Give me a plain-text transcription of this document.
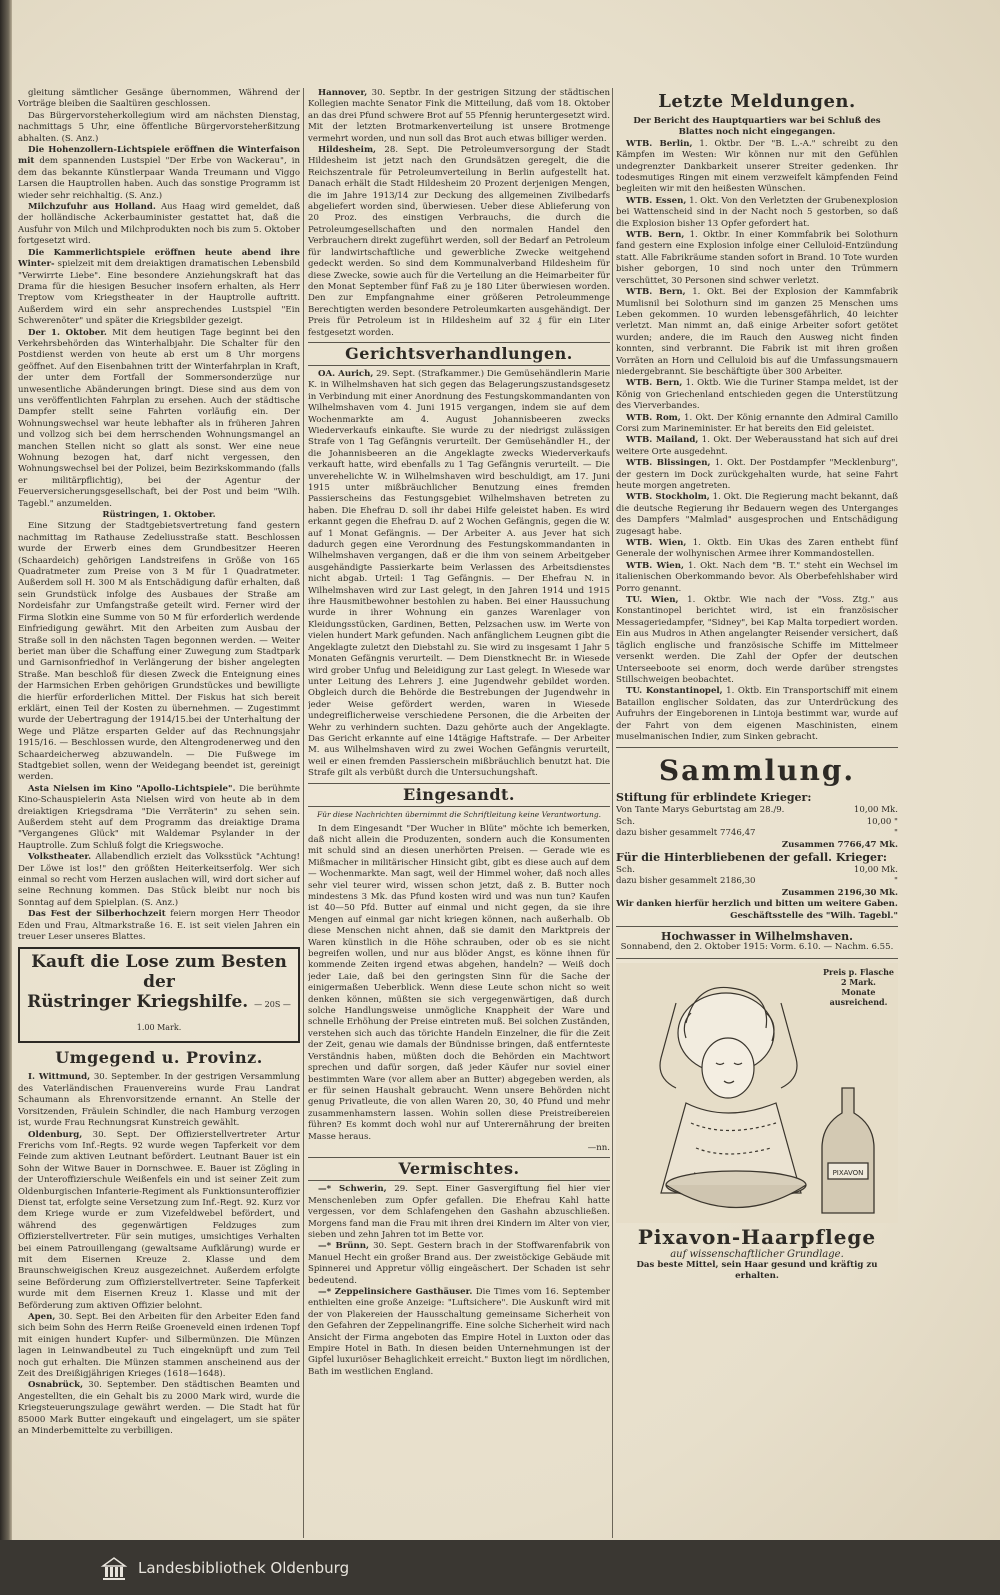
gleitung sämtlicher Gesänge übernommen, Während der Vorträge bleiben die Saaltüren geschlossen.

Das Bürgervorsteherkollegium wird am nächsten Dienstag, nachmittags 5 Uhr, eine öffentliche Bürgervorsteherßitzung abhalten. (S. Anz.)

Die Hohenzollern-Lichtspiele eröffnen die Winterfaison mit dem spannenden Lustspiel "Der Erbe von Wackerau", in dem das bekannte Künstlerpaar Wanda Treumann und Viggo Larsen die Hauptrollen haben. Auch das sonstige Programm ist wieder sehr reichhaltig. (S. Anz.)

Milchzufuhr aus Holland. Aus Haag wird gemeldet, daß der holländische Ackerbauminister gestattet hat, daß die Ausfuhr von Milch und Milchprodukten noch bis zum 5. Oktober fortgesetzt wird.

Die Kammerlichtspiele eröffnen heute abend ihre Winter- spielzeit mit dem dreiaktigen dramatischen Lebensbild "Verwirrte Liebe". Eine besondere Anziehungskraft hat das Drama für die hiesigen Besucher insofern erhalten, als Herr Treptow vom Kriegstheater in der Hauptrolle auftritt. Außerdem wird ein sehr ansprechendes Lustspiel "Ein Schwerenöter" und später die Kriegsbilder gezeigt.

Der 1. Oktober. Mit dem heutigen Tage beginnt bei den Verkehrsbehörden das Winterhalbjahr. Die Schalter für den Postdienst werden von heute ab erst um 8 Uhr morgens geöffnet. Auf den Eisenbahnen tritt der Winterfahrplan in Kraft, der unter dem Fortfall der Sommersonderzüge nur unwesentliche Abänderungen bringt. Diese sind aus dem von uns veröffentlichten Fahrplan zu ersehen. Auch der städtische Dampfer stellt seine Fahrten vorläufig ein. Der Wohnungswechsel war heute lebhafter als in früheren Jahren und vollzog sich bei dem herrschenden Wohnungsmangel an manchen Stellen nicht so glatt als sonst. Wer eine neue Wohnung bezogen hat, darf nicht vergessen, den Wohnungswechsel bei der Polizei, beim Bezirkskommando (falls er militärpflichtig), bei der Agentur der Feuerversicherungsgesellschaft, bei der Post und beim "Wilh. Tagebl." anzumelden.

Rüstringen, 1. Oktober.

Eine Sitzung der Stadtgebietsvertretung fand gestern nachmittag im Rathause Zedeliusstraße statt. Beschlossen wurde der Erwerb eines dem Grundbesitzer Heeren (Schaardeich) gehörigen Landstreifens in Größe von 165 Quadratmeter zum Preise von 3 M für 1 Quadratmeter. Außerdem soll H. 300 M als Entschädigung dafür erhalten, daß sein Grundstück infolge des Ausbaues der Straße am Nordeisfahr zur Umfangstraße geteilt wird. Ferner wird der Firma Slotkin eine Summe von 50 M für erforderlich werdende Einfriedigung gewährt. Mit den Arbeiten zum Ausbau der Straße soll in den nächsten Tagen begonnen werden. — Weiter beriet man über die Schaffung einer Zuwegung zum Stadtpark und Garnisonfriedhof in Verlängerung der bisher angelegten Straße. Man beschloß für diesen Zweck die Enteignung eines der Harmsichen Erben gehörigen Grundstückes und bewilligte die hierfür erforderlichen Mittel. Der Fiskus hat sich bereit erklärt, einen Teil der Kosten zu übernehmen. — Zugestimmt wurde der Uebertragung der 1914/15.bei der Unterhaltung der Wege und Plätze ersparten Gelder auf das Rechnungsjahr 1915/16. — Beschlossen wurde, den Altengrodenerweg und den Schaardeicherweg abzuwandeln. — Die Fußwege im Stadtgebiet sollen, wenn der Weidegang beendet ist, gereinigt werden.

Asta Nielsen im Kino "Apollo-Lichtspiele". Die berühmte Kino-Schauspielerin Asta Nielsen wird von heute ab in dem dreiaktigen Kriegsdrama "Die Verräterin" zu sehen sein. Außerdem steht auf dem Programm das dreiaktige Drama "Vergangenes Glück" mit Waldemar Psylander in der Hauptrolle. Zum Schluß folgt die Kriegswoche.

Volkstheater. Allabendlich erzielt das Volksstück "Achtung! Der Löwe ist los!" den größten Heiterkeitserfolg. Wer sich einmal so recht vom Herzen auslachen will, wird dort sicher auf seine Rechnung kommen. Das Stück bleibt nur noch bis Sonntag auf dem Spielplan. (S. Anz.)

Das Fest der Silberhochzeit feiern morgen Herr Theodor Eden und Frau, Altmarkstraße 16. E. ist seit vielen Jahren ein treuer Leser unseres Blattes.

Kauft die Lose zum Besten der
Rüstringer Kriegshilfe. — 20S — 1.00 Mark.
Umgegend u. Provinz.

I. Wittmund, 30. September. In der gestrigen Versammlung des Vaterländischen Frauenvereins wurde Frau Landrat Schaumann als Ehrenvorsitzende ernannt. An Stelle der Vorsitzenden, Fräulein Schindler, die nach Hamburg verzogen ist, wurde Frau Rechnungsrat Kunstreich gewählt.

Oldenburg, 30. Sept. Der Offizierstellvertreter Artur Frerichs vom Inf.-Regts. 92 wurde wegen Tapferkeit vor dem Feinde zum aktiven Leutnant befördert. Leutnant Bauer ist ein Sohn der Witwe Bauer in Dornschwee. E. Bauer ist Zögling in der Unteroffizierschule Weißenfels ein und ist seiner Zeit zum Oldenburgischen Infanterie-Regiment als Funktionsunteroffizier Dienst tat, erfolgte seine Versetzung zum Inf.-Regt. 92. Kurz vor dem Kriege wurde er zum Vizefeldwebel befördert, und während des gegenwärtigen Feldzuges zum Offizierstellvertreter. Für sein mutiges, umsichtiges Verhalten bei einem Patrouillengang (gewaltsame Aufklärung) wurde er mit dem Eisernen Kreuze 2. Klasse und dem Braunschweigischen Kreuz ausgezeichnet. Außerdem erfolgte seine Beförderung zum Offizierstellvertreter. Seine Tapferkeit wurde mit dem Eisernen Kreuz 1. Klasse und mit der Beförderung zum aktiven Offizier belohnt.

Apen, 30. Sept. Bei den Arbeiten für den Arbeiter Eden fand sich beim Sohn des Herrn Reiße Groeneveld einen irdenen Topf mit einigen hundert Kupfer- und Silbermünzen. Die Münzen lagen in Leinwandbeutel zu Tuch eingeknüpft und zum Teil noch gut erhalten. Die Münzen stammen anscheinend aus der Zeit des Dreißigjährigen Krieges (1618—1648).

Osnabrück, 30. September. Den städtischen Beamten und Angestellten, die ein Gehalt bis zu 2000 Mark wird, wurde die Kriegsteuerungszulage gewährt werden. — Die Stadt hat für 85000 Mark Butter eingekauft und eingelagert, um sie später an Minderbemittelte zu verbilligen.

Hannover, 30. Septbr. In der gestrigen Sitzung der städtischen Kollegien machte Senator Fink die Mitteilung, daß vom 18. Oktober an das drei Pfund schwere Brot auf 55 Pfennig heruntergesetzt wird. Mit der letzten Brotmarkenverteilung ist unsere Brotmenge vermehrt worden, und nun soll das Brot auch etwas billiger werden.

Hildesheim, 28. Sept. Die Petroleumversorgung der Stadt Hildesheim ist jetzt nach den Grundsätzen geregelt, die die Reichszentrale für Petroleumverteilung in Berlin aufgestellt hat. Danach erhält die Stadt Hildesheim 20 Prozent derjenigen Mengen, die im Jahre 1913/14 zur Deckung des allgemeinen Zivilbedarfs abgeliefert worden sind, überwiesen. Ueber diese Ablieferung von 20 Proz. des einstigen Verbrauchs, die durch die Petroleumgesellschaften und den normalen Handel den Verbrauchern direkt zugeführt werden, soll der Bedarf an Petroleum für landwirtschaftliche und gewerbliche Zwecke weitgehend gedeckt werden. So sind dem Kommunalverband Hildesheim für diese Zwecke, sowie auch für die Verteilung an die Heimarbeiter für den Monat September fünf Faß zu je 180 Liter überwiesen worden. Den zur Empfangnahme einer größeren Petroleummenge Berechtigten werden besondere Petroleumkarten ausgehändigt. Der Preis für Petroleum ist in Hildesheim auf 32 ₰ für ein Liter festgesetzt worden.

Gerichtsverhandlungen.

OA. Aurich, 29. Sept. (Strafkammer.) Die Gemüsehändlerin Marie K. in Wilhelmshaven hat sich gegen das Belagerungszustandsgesetz in Verbindung mit einer Anordnung des Festungskommandanten von Wilhelmshaven vom 4. Juni 1915 vergangen, indem sie auf dem Wochenmarkte am 4. August Johannisbeeren zwecks Wiederverkaufs einkaufte. Sie wurde zu der niedrigst zulässigen Strafe von 1 Tag Gefängnis verurteilt. Der Gemüsehändler H., der die Johannisbeeren an die Angeklagte zwecks Wiederverkaufs verkauft hatte, wird ebenfalls zu 1 Tag Gefängnis verurteilt. — Die unverehelichte W. in Wilhelmshaven wird beschuldigt, am 17. Juni 1915 unter mißbräuchlicher Benutzung eines fremden Passierscheins das Festungsgebiet Wilhelmshaven betreten zu haben. Die Ehefrau D. soll ihr dabei Hilfe geleistet haben. Es wird erkannt gegen die Ehefrau D. auf 2 Wochen Gefängnis, gegen die W. auf 1 Monat Gefängnis. — Der Arbeiter A. aus Jever hat sich dadurch gegen eine Verordnung des Festungskommandanten in Wilhelmshaven vergangen, daß er die ihm von seinem Arbeitgeber ausgehändigte Passierkarte beim Verlassen des Arbeitsdienstes nicht abgab. Urteil: 1 Tag Gefängnis. — Der Ehefrau N. in Wilhelmshaven wird zur Last gelegt, in den Jahren 1914 und 1915 ihre Hausmitbewohner bestohlen zu haben. Bei einer Haussuchung wurde in ihrer Wohnung ein ganzes Warenlager von Kleidungsstücken, Gardinen, Betten, Pelzsachen usw. im Werte von vielen hundert Mark gefunden. Nach anfänglichem Leugnen gibt die Angeklagte zuletzt den Diebstahl zu. Sie wird zu insgesamt 1 Jahr 5 Monaten Gefängnis verurteilt. — Dem Dienstknecht Br. in Wiesede wird grober Unfug und Beleidigung zur Last gelegt. In Wiesede war unter Leitung des Lehrers J. eine Jugendwehr gebildet worden. Obgleich durch die Behörde die Bestrebungen der Jugendwehr in jeder Weise gefördert werden, waren in Wiesede undegreiflicherweise verschiedene Personen, die die Arbeiten der Wehr zu verhindern suchten. Dazu gehörte auch der Angeklagte. Das Gericht erkannte auf eine 14tägige Haftstrafe. — Der Arbeiter M. aus Wilhelmshaven wird zu zwei Wochen Gefängnis verurteilt, weil er einen fremden Passierschein mißbräuchlich benutzt hat. Die Strafe gilt als verbüßt durch die Untersuchungshaft.

Eingesandt.
Für diese Nachrichten übernimmt die Schriftleitung keine Verantwortung.

In dem Eingesandt "Der Wucher in Blüte" möchte ich bemerken, daß nicht allein die Produzenten, sondern auch die Konsumenten mit schuld sind an diesen unerhörten Preisen. — Gerade wie es Mißmacher in militärischer Hinsicht gibt, gibt es diese auch auf dem — Wochenmarkte. Man sagt, weil der Himmel woher, daß noch alles sehr viel teurer wird, wissen schon jetzt, daß z. B. Butter noch mindestens 3 Mk. das Pfund kosten wird und was nun tun? Kaufen ist 40—50 Pfd. Butter auf einmal und nicht gegen, da sie ihre Mengen auf einmal gar nicht kriegen können, nach außerhalb. Ob diese Menschen nicht ahnen, daß sie damit den Marktpreis der Waren künstlich in die Höhe schrauben, oder ob es sie nicht begreifen wollen, und nur aus blöder Angst, es könne ihnen für kommende Zeiten irgend etwas abgehen, handeln? — Weiß doch jeder Laie, daß bei den geringsten Sinn für die Sache der einigermaßen Ueberblick. Wenn diese Leute schon nicht so weit denken können, müßten sie sich vergegenwärtigen, daß durch solche Handlungsweise unmögliche Knappheit der Ware und schnelle Erhöhung der Preise eintreten muß. Bei solchen Zuständen, verstehen sich auch das törichte Handeln Einzelner, die für die Zeit der Zeit, genau wie damals der Bündnisse bringen, daß entfernteste Verständnis haben, müßten doch die Behörden ein Machtwort sprechen und dafür sorgen, daß jeder Käufer nur soviel einer bestimmten Ware (vor allem aber an Butter) abgegeben werden, als er für seinen Haushalt gebraucht. Wenn unsere Behörden nicht genug Privatleute, die von allen Waren 20, 30, 40 Pfund und mehr zusammenhamstern lassen. Wohin sollen diese Preistreibereien führen? Es kommt doch wohl nur auf Unterernährung der breiten Masse heraus.

—nn.
Vermischtes.

—* Schwerin, 29. Sept. Einer Gasvergiftung fiel hier vier Menschenleben zum Opfer gefallen. Die Ehefrau Kahl hatte vergessen, vor dem Schlafengehen den Gashahn abzuschließen. Morgens fand man die Frau mit ihren drei Kindern im Alter von vier, sieben und zehn Jahren tot im Bette vor.

—* Brünn, 30. Sept. Gestern brach in der Stoffwarenfabrik von Manuel Hecht ein großer Brand aus. Der zweistöckige Gebäude mit Spinnerei und Appretur völlig eingeäschert. Der Schaden ist sehr bedeutend.

—* Zeppelinsichere Gasthäuser. Die Times vom 16. September enthielten eine große Anzeige: "Luftsichere". Die Auskunft wird mit der von Plakereien der Hausschaltung gemeinsame Sicherheit von den Gefahren der Zeppelinangriffe. Eine solche Sicherheit wird nach Ansicht der Firma angeboten das Empire Hotel in Luxton oder das Empire Hotel in Bath. In diesen beiden Unternehmungen ist der Gipfel luxuriöser Behaglichkeit erreicht." Buxton liegt im nördlichen, Bath im westlichen England.

Letzte Meldungen.
Der Bericht des Hauptquartiers war bei Schluß des Blattes noch nicht eingegangen.

WTB. Berlin, 1. Oktbr. Der "B. L.-A." schreibt zu den Kämpfen im Westen: Wir können nur mit den Gefühlen undegrenzter Dankbarkeit unserer Streiter gedenken. Ihr todesmutiges Ringen mit einem verzweifelt kämpfenden Feind begleiten wir mit den heißesten Wünschen.

WTB. Essen, 1. Okt. Von den Verletzten der Grubenexplosion bei Wattenscheid sind in der Nacht noch 5 gestorben, so daß die Explosion bisher 13 Opfer gefordert hat.

WTB. Bern, 1. Oktbr. In einer Kommfabrik bei Solothurn fand gestern eine Explosion infolge einer Celluloid-Entzündung statt. Alle Fabrikräume standen sofort in Brand. 10 Tote wurden bisher geborgen, 10 sind noch unter den Trümmern verschüttet, 30 Personen sind schwer verletzt.

WTB. Bern, 1. Okt. Bei der Explosion der Kammfabrik Mumlisnil bei Solothurn sind im ganzen 25 Menschen ums Leben gekommen. 10 wurden lebensgefährlich, 40 leichter verletzt. Man nimmt an, daß einige Arbeiter sofort getötet wurden; andere, die im Rauch den Ausweg nicht finden konnten, sind verbrannt. Die Fabrik ist mit ihren großen Vorräten an Horn und Celluloid bis auf die Umfassungsmauern niedergebrannt. Sie beschäftigte über 300 Arbeiter.

WTB. Bern, 1. Oktb. Wie die Turiner Stampa meldet, ist der König von Griechenland entschieden gegen die Unterstützung des Vierverbandes.

WTB. Rom, 1. Okt. Der König ernannte den Admiral Camillo Corsi zum Marineminister. Er hat bereits den Eid geleistet.

WTB. Mailand, 1. Okt. Der Weberausstand hat sich auf drei weitere Orte ausgedehnt.

WTB. Blissingen, 1. Okt. Der Postdampfer "Mecklenburg", der gestern im Dock zurückgehalten wurde, hat seine Fahrt heute morgen angetreten.

WTB. Stockholm, 1. Okt. Die Regierung macht bekannt, daß die deutsche Regierung ihr Bedauern wegen des Unterganges des Dampfers "Malmlad" ausgesprochen und Entschädigung zugesagt habe.

WTB. Wien, 1. Oktb. Ein Ukas des Zaren enthebt fünf Generale der wolhynischen Armee ihrer Kommandostellen.

WTB. Wien, 1. Okt. Nach dem "B. T." steht ein Wechsel im italienischen Oberkommando bevor. Als Oberbefehlshaber wird Porro genannt.

TU. Wien, 1. Oktbr. Wie nach der "Voss. Ztg." aus Konstantinopel berichtet wird, ist ein französischer Messageriedampfer, "Sidney", bei Kap Malta torpediert worden. Ein aus Mudros in Athen angelangter Reisender versichert, daß täglich englische und französische Schiffe im Mittelmeer versenkt werden. Die Zahl der Opfer der deutschen Unterseeboote sei enorm, doch werde darüber strengstes Stillschweigen beobachtet.

TU. Konstantinopel, 1. Oktb. Ein Transportschiff mit einem Bataillon englischer Soldaten, das zur Unterdrückung des Aufruhrs der Eingeborenen in Lintoja bestimmt war, wurde auf der Fahrt von dem eigenen Maschinisten, einem muselmanischen Indier, zum Sinken gebracht.

Sammlung.
Stiftung für erblindete Krieger:
Von Tante Marys Geburtstag am 28./9.	10,00 Mk.
Sch.	10,00 "
dazu bisher gesammelt 7746,47	"
Zusammen 7766,47 Mk.
Für die Hinterbliebenen der gefall. Krieger:
Sch.	10,00 Mk.
dazu bisher gesammelt 2186,30	"
Zusammen 2196,30 Mk.
Wir danken hierfür herzlich und bitten um weitere Gaben.
Geschäftsstelle des "Wilh. Tagebl."
Hochwasser in Wilhelmshaven.
Sonnabend, den 2. Oktober 1915: Vorm. 6.10. — Nachm. 6.55.
Preis p. Flasche
2 Mark.
Monate
ausreichend.
PIXAVON
Pixavon-Haarpflege
auf wissenschaftlicher Grundlage.
Das beste Mittel, sein Haar gesund und kräftig zu erhalten.
Landesbibliothek Oldenburg
